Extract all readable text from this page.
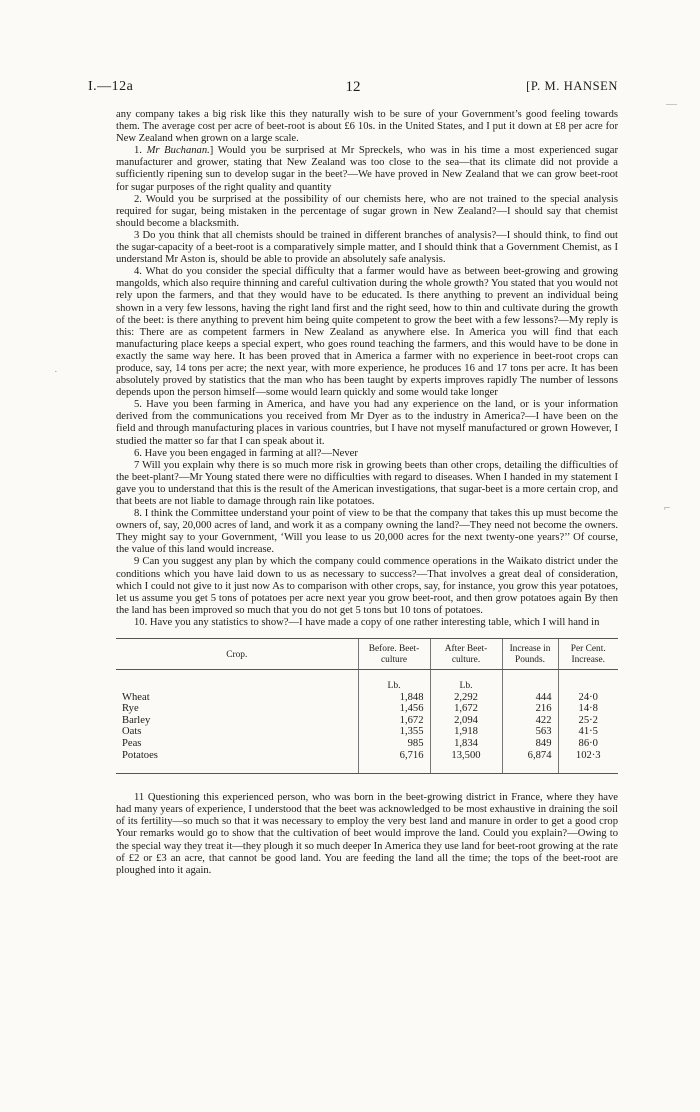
I.—12a	12	[P. M. HANSEN
·
—
⌐

any company takes a big risk like this they naturally wish to be sure of your Government’s good feeling towards them. The average cost per acre of beet-root is about £6 10s. in the United States, and I put it down at £8 per acre for New Zealand when grown on a large scale.

1. Mr Buchanan.] Would you be surprised at Mr Spreckels, who was in his time a most experienced sugar manufacturer and grower, stating that New Zealand was too close to the sea—that its climate did not provide a sufficiently ripening sun to develop sugar in the beet?—We have proved in New Zealand that we can grow beet-root for sugar purposes of the right quality and quantity

2. Would you be surprised at the possibility of our chemists here, who are not trained to the special analysis required for sugar, being mistaken in the percentage of sugar grown in New Zealand?—I should say that chemist should become a blacksmith.

3 Do you think that all chemists should be trained in different branches of analysis?—I should think, to find out the sugar-capacity of a beet-root is a comparatively simple matter, and I should think that a Government Chemist, as I understand Mr Aston is, should be able to provide an absolutely safe analysis.

4. What do you consider the special difficulty that a farmer would have as between beet-growing and growing mangolds, which also require thinning and careful cultivation during the whole growth? You stated that you would not rely upon the farmers, and that they would have to be educated. Is there anything to prevent an individual being shown in a very few lessons, having the right land first and the right seed, how to thin and cultivate during the growth of the beet: is there anything to prevent him being quite competent to grow the beet with a few lessons?—My reply is this: There are as competent farmers in New Zealand as anywhere else. In America you will find that each manufacturing place keeps a special expert, who goes round teaching the farmers, and this would have to be done in exactly the same way here. It has been proved that in America a farmer with no experience in beet-root crops can produce, say, 14 tons per acre; the next year, with more experience, he produces 16 and 17 tons per acre. It has been absolutely proved by statistics that the man who has been taught by experts improves rapidly The number of lessons depends upon the person himself—some would learn quickly and some would take longer

5. Have you been farming in America, and have you had any experience on the land, or is your information derived from the communications you received from Mr Dyer as to the industry in America?—I have been on the field and through manufacturing places in various countries, but I have not myself manufactured or grown However, I studied the matter so far that I can speak about it.

6. Have you been engaged in farming at all?—Never

7 Will you explain why there is so much more risk in growing beets than other crops, detailing the difficulties of the beet-plant?—Mr Young stated there were no difficulties with regard to diseases. When I handed in my statement I gave you to understand that this is the result of the American investigations, that sugar-beet is a more certain crop, and that beets are not liable to damage through rain like potatoes.

8. I think the Committee understand your point of view to be that the company that takes this up must become the owners of, say, 20,000 acres of land, and work it as a company owning the land?—They need not become the owners. They might say to your Government, ‘Will you lease to us 20,000 acres for the next twenty-one years?’’ Of course, the value of this land would increase.

9 Can you suggest any plan by which the company could commence operations in the Waikato district under the conditions which you have laid down to us as necessary to success?—That involves a great deal of consideration, which I could not give to it just now As to comparison with other crops, say, for instance, you grow this year potatoes, let us assume you get 5 tons of potatoes per acre next year you grow beet-root, and then grow potatoes again By then the land has been improved so much that you do not get 5 tons but 10 tons of potatoes.

10. Have you any statistics to show?—I have made a copy of one rather interesting table, which I will hand in

Crop.	Before. Beet-culture	After Beet-culture.	Increase in Pounds.	Per Cent. Increase.
	Lb.	Lb.		
Wheat	1,848	2,292	444	24·0
Rye	1,456	1,672	216	14·8
Barley	1,672	2,094	422	25·2
Oats	1,355	1,918	563	41·5
Peas	985	1,834	849	86·0
Potatoes	6,716	13,500	6,874	102·3

11 Questioning this experienced person, who was born in the beet-growing district in France, where they have had many years of experience, I understood that the beet was acknowledged to be most exhaustive in draining the soil of its fertility—so much so that it was necessary to employ the very best land and manure in order to get a good crop Your remarks would go to show that the cultivation of beet would improve the land. Could you explain?—Owing to the special way they treat it—they plough it so much deeper In America they use land for beet-root growing at the rate of £2 or £3 an acre, that cannot be good land. You are feeding the land all the time; the tops of the beet-root are ploughed into it again.
